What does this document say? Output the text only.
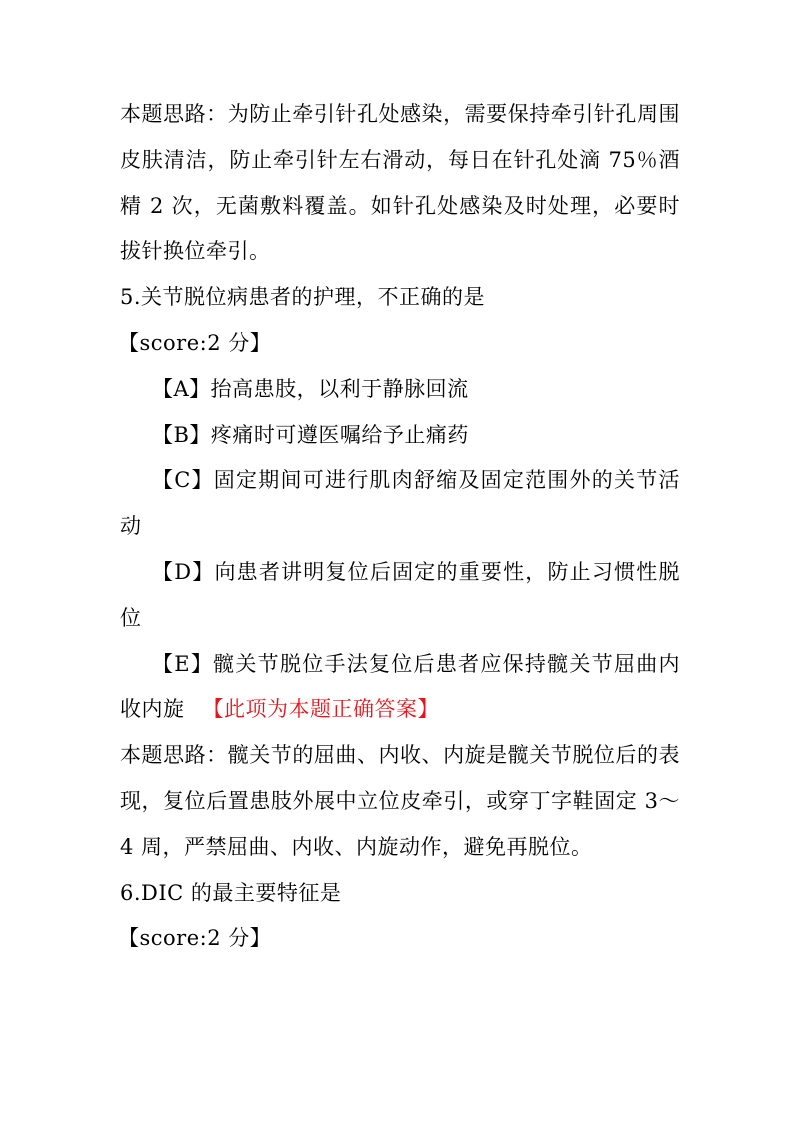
本题思路：为防止牵引针孔处感染，需要保持牵引针孔周围皮肤清洁，防止牵引针左右滑动，每日在针孔处滴 75％酒精 2 次，无菌敷料覆盖。如针孔处感染及时处理，必要时拔针换位牵引。

5.关节脱位病患者的护理，不正确的是

【score:2 分】

【A】抬高患肢，以利于静脉回流

【B】疼痛时可遵医嘱给予止痛药

【C】固定期间可进行肌肉舒缩及固定范围外的关节活动

【D】向患者讲明复位后固定的重要性，防止习惯性脱位

【E】髋关节脱位手法复位后患者应保持髋关节屈曲内收内旋 【此项为本题正确答案】

本题思路：髋关节的屈曲、内收、内旋是髋关节脱位后的表现，复位后置患肢外展中立位皮牵引，或穿丁字鞋固定 3～4 周，严禁屈曲、内收、内旋动作，避免再脱位。

6.DIC 的最主要特征是

【score:2 分】
